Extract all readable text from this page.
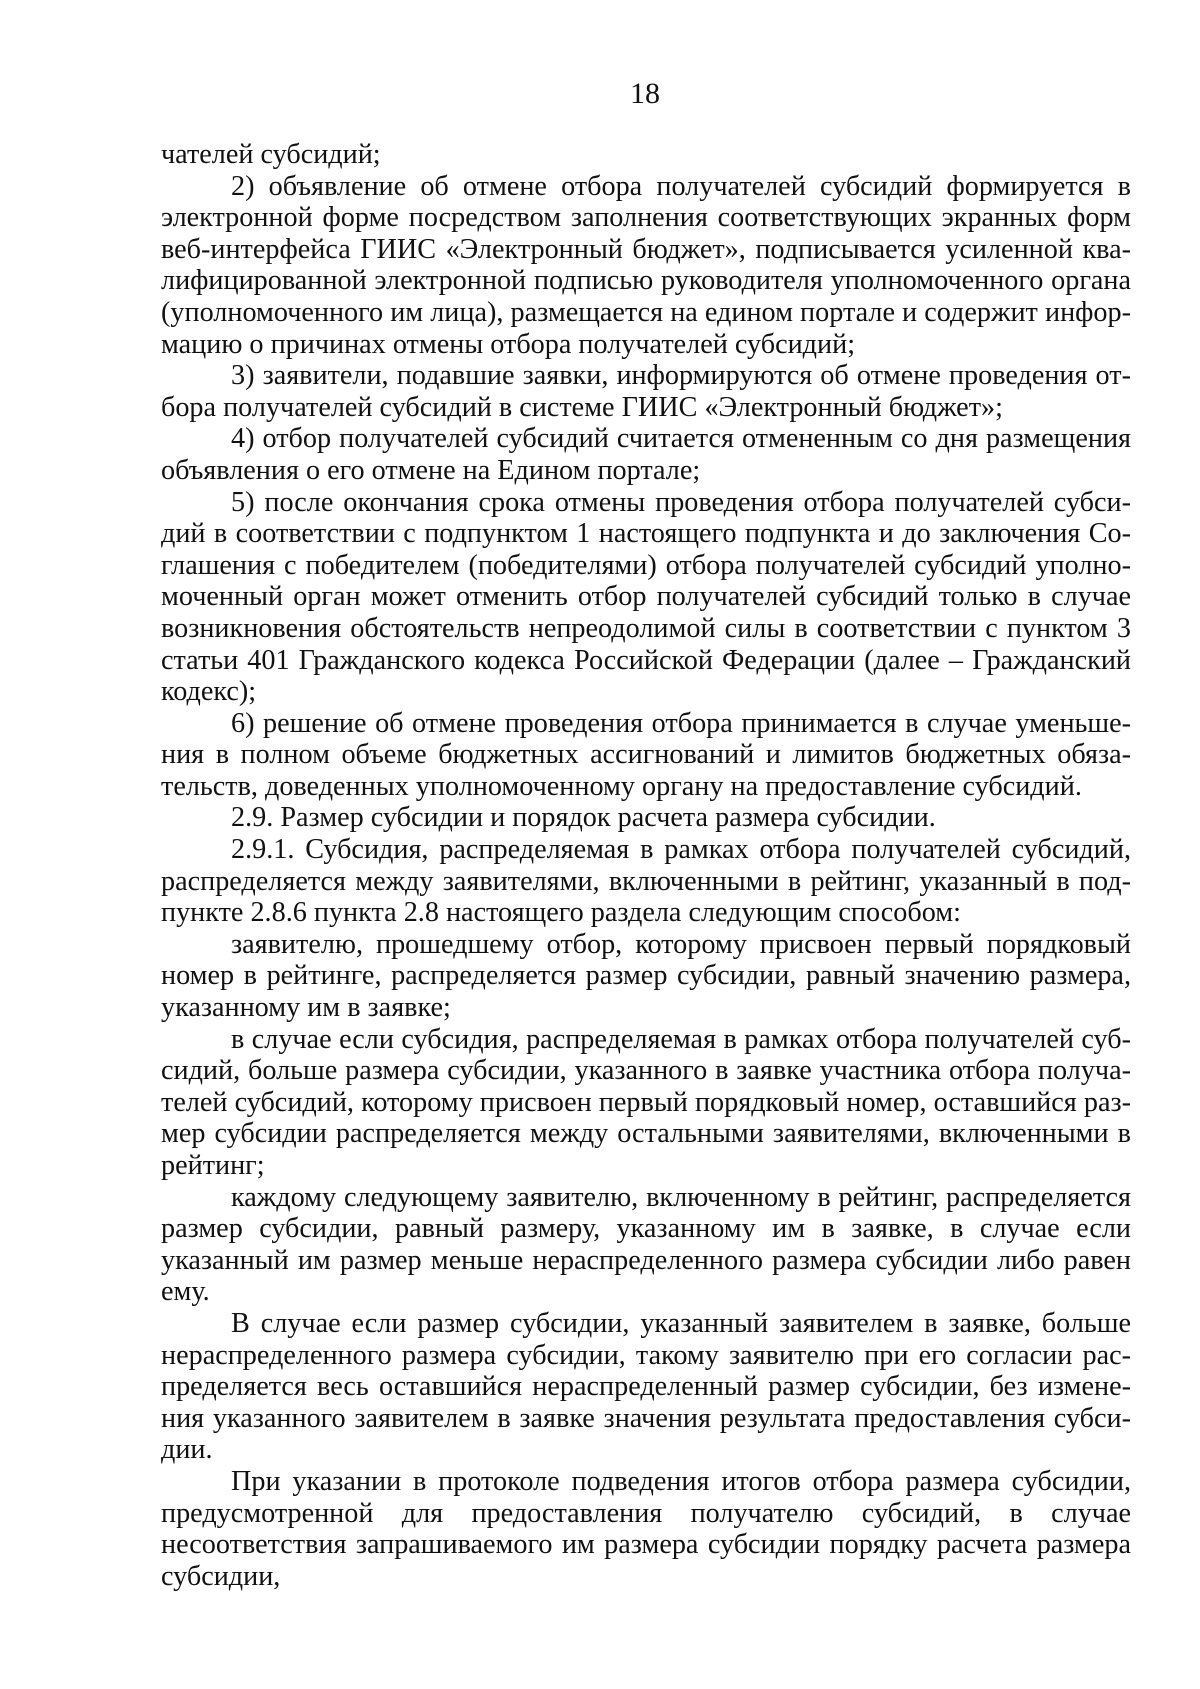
18

чателей субсидий;

2) объявление об отмене отбора получателей субсидий формируется в электронной форме посредством заполнения соответствующих экранных форм веб-интерфейса ГИИС «Электронный бюджет», подписывается усиленной квалифицированной электронной подписью руководителя уполномоченного органа (уполномоченного им лица), размещается на едином портале и содержит информацию о причинах отмены отбора получателей субсидий;

3) заявители, подавшие заявки, информируются об отмене проведения отбора получателей субсидий в системе ГИИС «Электронный бюджет»;

4) отбор получателей субсидий считается отмененным со дня размещения объявления о его отмене на Едином портале;

5) после окончания срока отмены проведения отбора получателей субсидий в соответствии с подпунктом 1 настоящего подпункта и до заключения Соглашения с победителем (победителями) отбора получателей субсидий уполномоченный орган может отменить отбор получателей субсидий только в случае возникновения обстоятельств непреодолимой силы в соответствии с пунктом 3 статьи 401 Гражданского кодекса Российской Федерации (далее – Гражданский кодекс);

6) решение об отмене проведения отбора принимается в случае уменьшения в полном объеме бюджетных ассигнований и лимитов бюджетных обязательств, доведенных уполномоченному органу на предоставление субсидий.

2.9. Размер субсидии и порядок расчета размера субсидии.

2.9.1. Субсидия, распределяемая в рамках отбора получателей субсидий, распределяется между заявителями, включенными в рейтинг, указанный в подпункте 2.8.6 пункта 2.8 настоящего раздела следующим способом:

заявителю, прошедшему отбор, которому присвоен первый порядковый номер в рейтинге, распределяется размер субсидии, равный значению размера, указанному им в заявке;

в случае если субсидия, распределяемая в рамках отбора получателей субсидий, больше размера субсидии, указанного в заявке участника отбора получателей субсидий, которому присвоен первый порядковый номер, оставшийся размер субсидии распределяется между остальными заявителями, включенными в рейтинг;

каждому следующему заявителю, включенному в рейтинг, распределяется размер субсидии, равный размеру, указанному им в заявке, в случае если указанный им размер меньше нераспределенного размера субсидии либо равен ему.

В случае если размер субсидии, указанный заявителем в заявке, больше нераспределенного размера субсидии, такому заявителю при его согласии распределяется весь оставшийся нераспределенный размер субсидии, без изменения указанного заявителем в заявке значения результата предоставления субсидии.

При указании в протоколе подведения итогов отбора размера субсидии, предусмотренной для предоставления получателю субсидий, в случае несоответствия запрашиваемого им размера субсидии порядку расчета размера субсидии,
